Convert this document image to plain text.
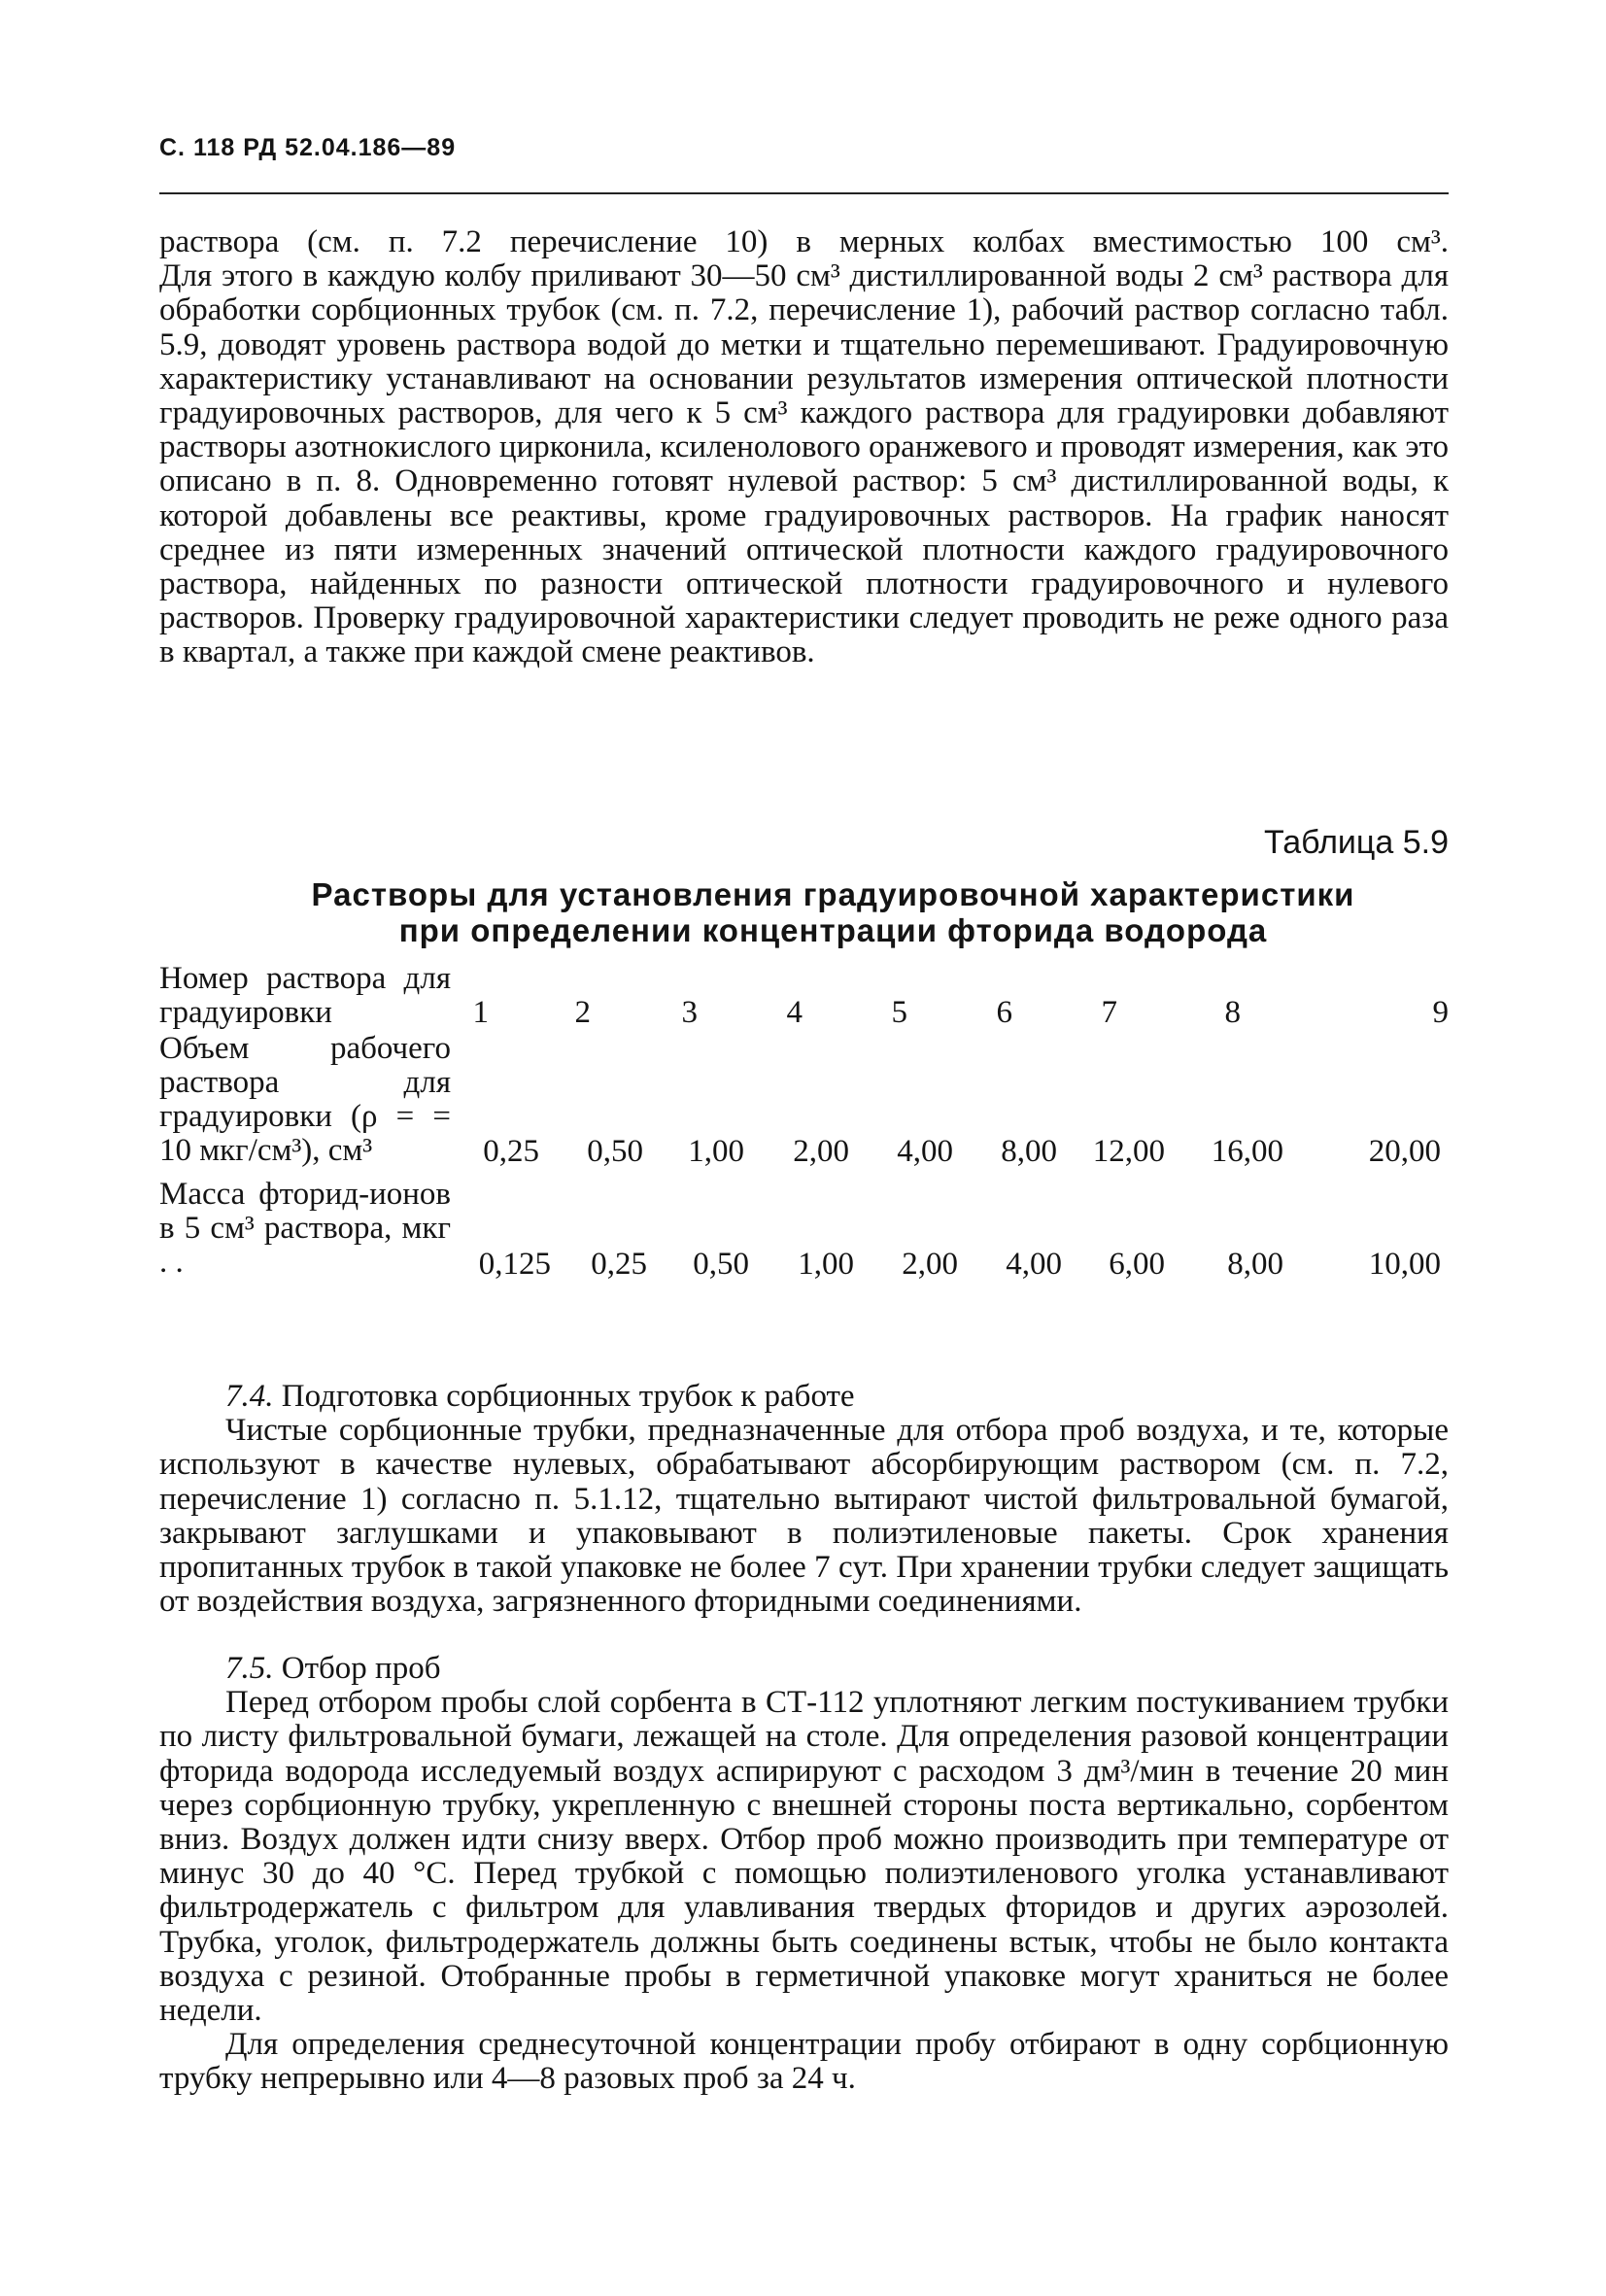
С. 118 РД 52.04.186—89

раствора (см. п. 7.2 перечисление 10) в мерных колбах вместимостью 100 см³.

Для этого в каждую колбу приливают 30—50 см³ дистиллированной воды 2 см³ раствора для обработки сорбционных трубок (см. п. 7.2, перечисление 1), рабочий раствор согласно табл. 5.9, доводят уровень раствора водой до метки и тщательно перемешивают. Градуировочную характеристику устанавливают на основании результатов измерения оптической плотности градуировочных растворов, для чего к 5 см³ каждого раствора для градуировки добавляют растворы азотнокислого цирконила, ксиленолового оранжевого и проводят измерения, как это описано в п. 8. Одновременно готовят нулевой раствор: 5 см³ дистиллированной воды, к которой добавлены все реактивы, кроме градуировочных растворов. На график наносят среднее из пяти измеренных значений оптической плотности каждого градуировочного раствора, найденных по разности оптической плотности градуировочного и нулевого растворов. Проверку градуировочной характеристики следует проводить не реже одного раза в квартал, а также при каждой смене реактивов.

Таблица 5.9
Растворы для установления градуировочной характеристики
при определении концентрации фторида водорода
Номер раствора для градуировки	1	2	3	4	5	6	7	8	9
Объем рабочего раствора для градуировки (ρ = = 10 мкг/см³), см³	0,25 0,50 1,00 2,00 4,00 8,00 12,00 16,00	20,00
Масса фторид-ионов в 5 см³ раствора, мкг . .	0,125 0,25 0,50 1,00 2,00 4,00 6,00 8,00	10,00

7.4. Подготовка сорбционных трубок к работе

Чистые сорбционные трубки, предназначенные для отбора проб воздуха, и те, которые используют в качестве нулевых, обрабатывают абсорбирующим раствором (см. п. 7.2, перечисление 1) согласно п. 5.1.12, тщательно вытирают чистой фильтровальной бумагой, закрывают заглушками и упаковывают в полиэтиленовые пакеты. Срок хранения пропитанных трубок в такой упаковке не более 7 сут. При хранении трубки следует защищать от воздействия воздуха, загрязненного фторидными соединениями.

7.5. Отбор проб

Перед отбором пробы слой сорбента в СТ-112 уплотняют легким постукиванием трубки по листу фильтровальной бумаги, лежащей на столе. Для определения разовой концентрации фторида водорода исследуемый воздух аспирируют с расходом 3 дм³/мин в течение 20 мин через сорбционную трубку, укрепленную с внешней стороны поста вертикально, сорбентом вниз. Воздух должен идти снизу вверх. Отбор проб можно производить при температуре от минус 30 до 40 °С. Перед трубкой с помощью полиэтиленового уголка устанавливают фильтродержатель с фильтром для улавливания твердых фторидов и других аэрозолей. Трубка, уголок, фильтродержатель должны быть соединены встык, чтобы не было контакта воздуха с резиной. Отобранные пробы в герметичной упаковке могут храниться не более недели.

Для определения среднесуточной концентрации пробу отбирают в одну сорбционную трубку непрерывно или 4—8 разовых проб за 24 ч.
